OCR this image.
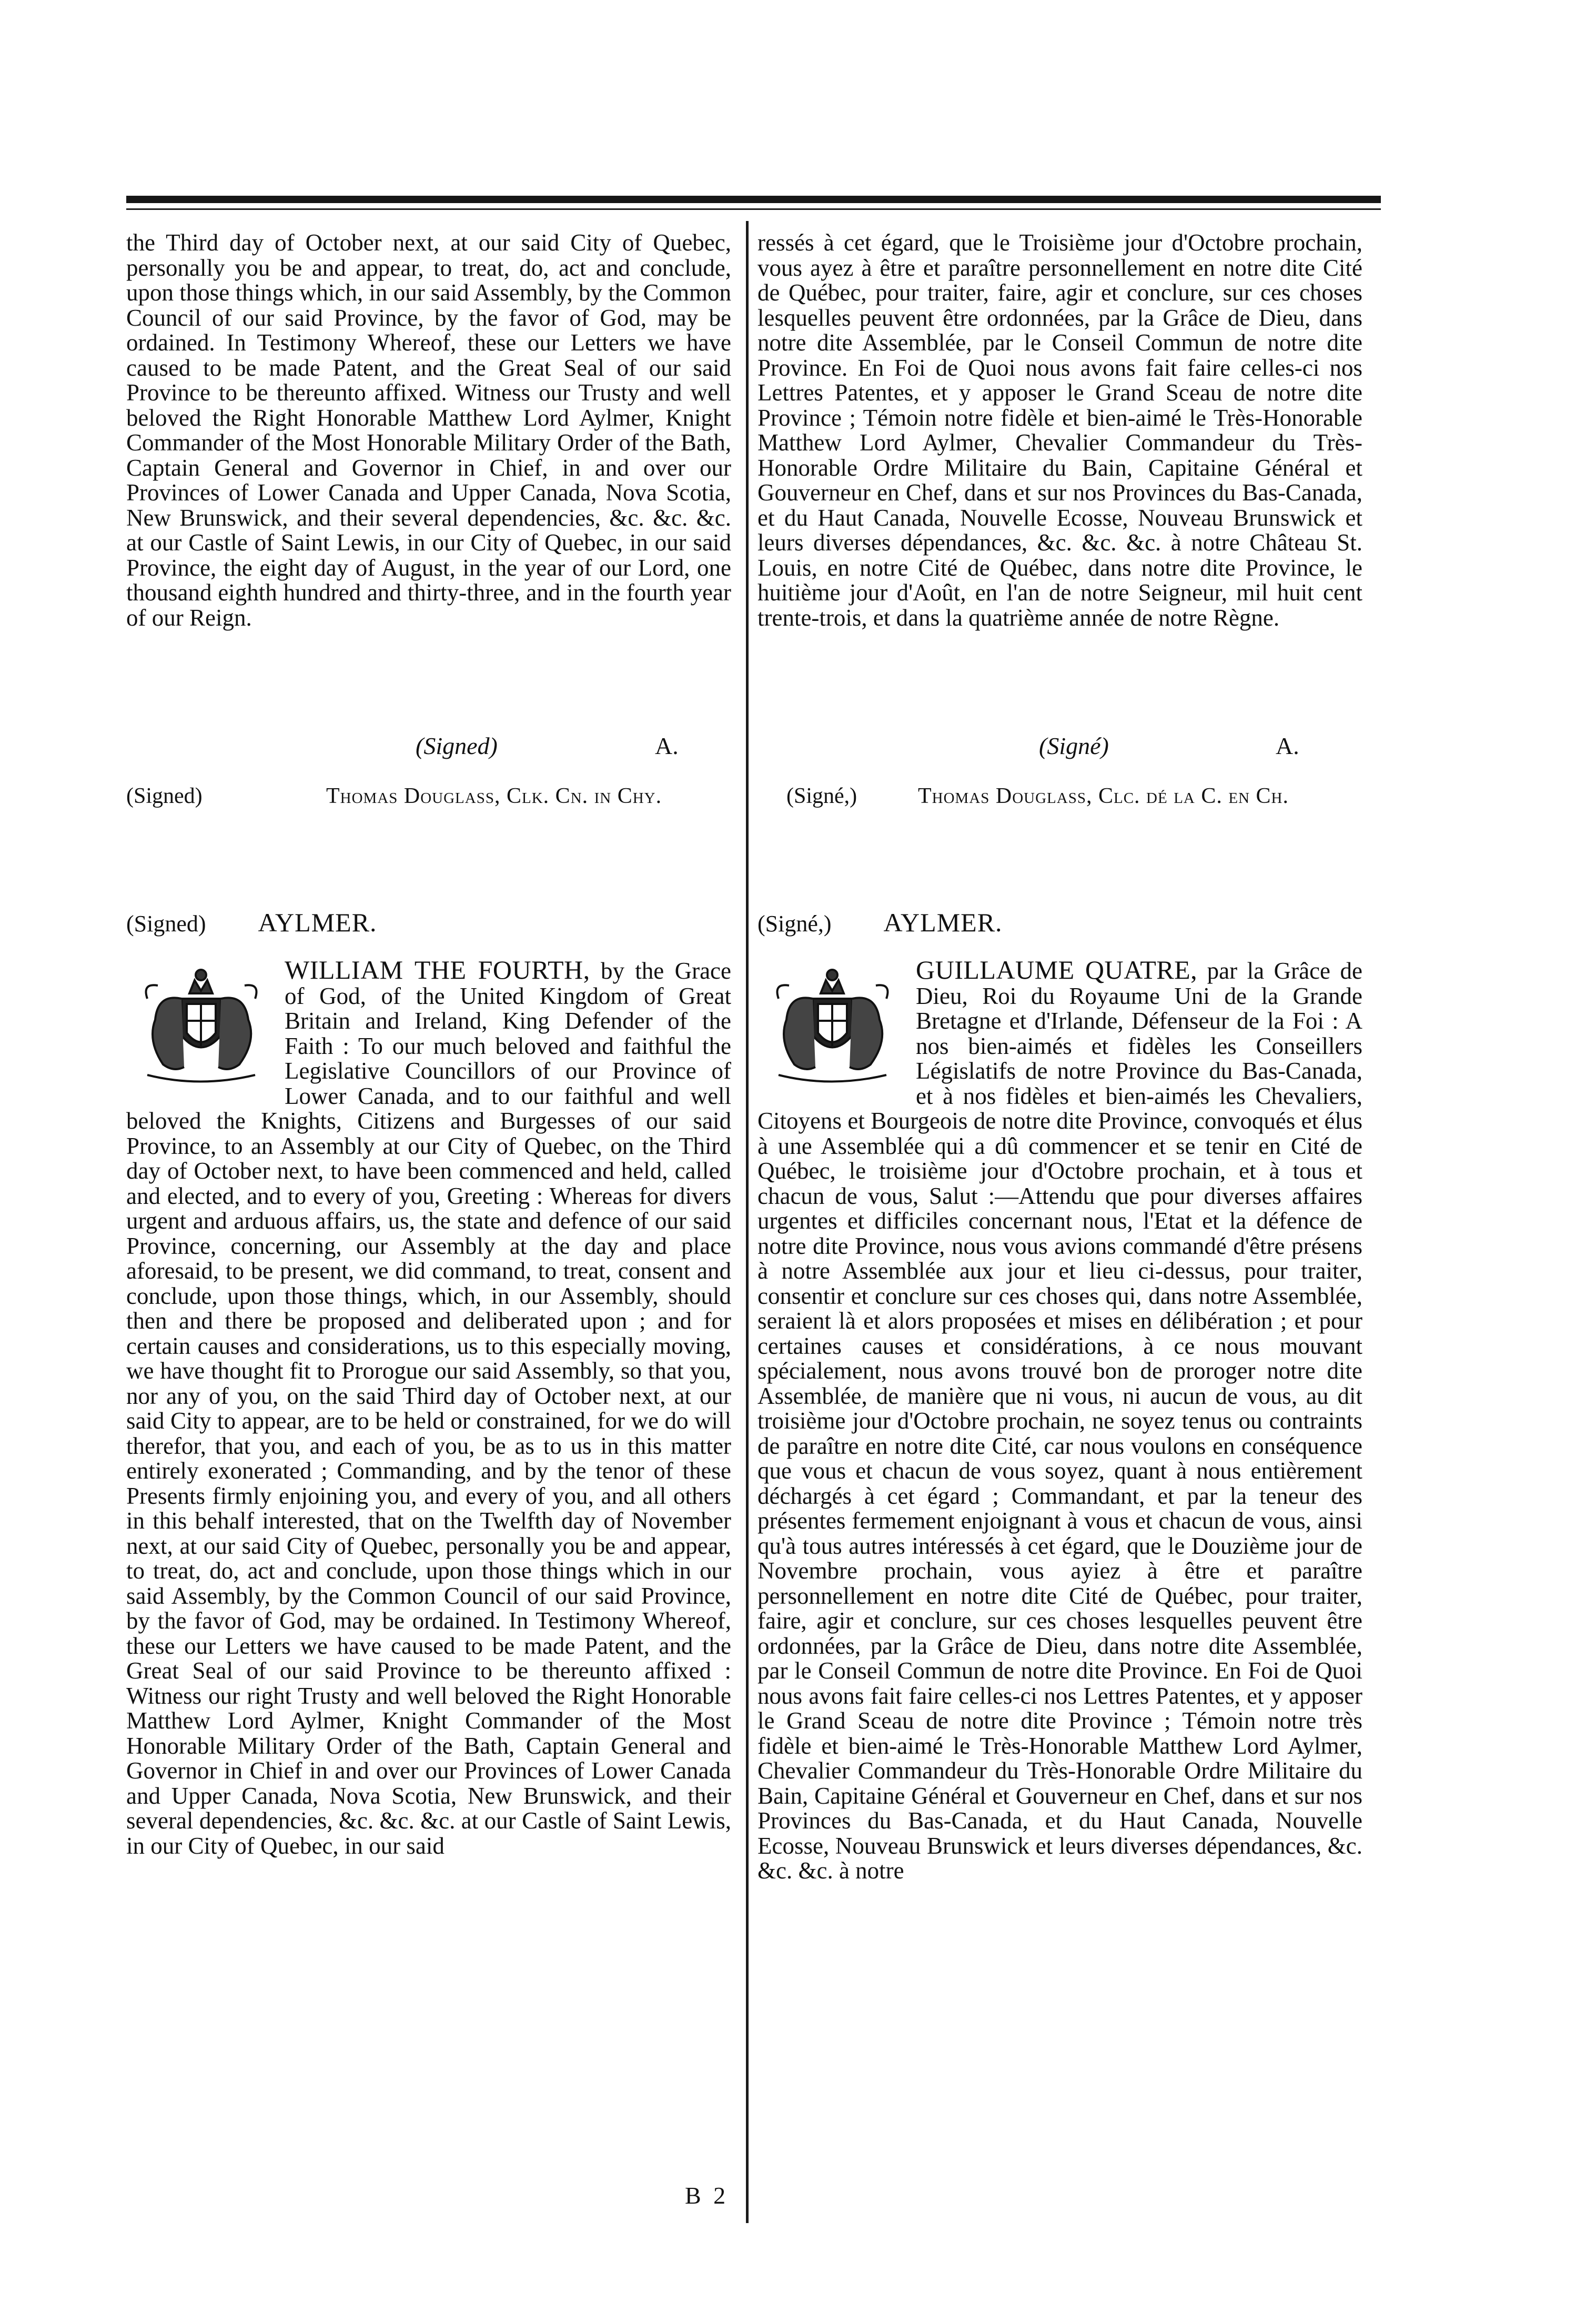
the Third day of October next, at our said City of Quebec, personally you be and appear, to treat, do, act and conclude, upon those things which, in our said Assembly, by the Common Council of our said Province, by the favor of God, may be ordained. In Testimony Whereof, these our Letters we have caused to be made Patent, and the Great Seal of our said Province to be thereunto affixed. Witness our Trusty and well beloved the Right Honorable Matthew Lord Aylmer, Knight Commander of the Most Honorable Military Order of the Bath, Captain General and Governor in Chief, in and over our Provinces of Lower Canada and Upper Canada, Nova Scotia, New Brunswick, and their several dependencies, &c. &c. &c. at our Castle of Saint Lewis, in our City of Quebec, in our said Province, the eight day of August, in the year of our Lord, one thousand eighth hundred and thirty-three, and in the fourth year of our Reign.

ressés à cet égard, que le Troisième jour d'Octobre prochain, vous ayez à être et paraître personnellement en notre dite Cité de Québec, pour traiter, faire, agir et conclure, sur ces choses lesquelles peuvent être ordonnées, par la Grâce de Dieu, dans notre dite Assemblée, par le Conseil Commun de notre dite Province. En Foi de Quoi nous avons fait faire celles-ci nos Lettres Patentes, et y apposer le Grand Sceau de notre dite Province ; Témoin notre fidèle et bien-aimé le Très-Honorable Matthew Lord Aylmer, Chevalier Commandeur du Très-Honorable Ordre Militaire du Bain, Capitaine Général et Gouverneur en Chef, dans et sur nos Provinces du Bas-Canada, et du Haut Canada, Nouvelle Ecosse, Nouveau Brunswick et leurs diverses dépendances, &c. &c. &c. à notre Château St. Louis, en notre Cité de Québec, dans notre dite Province, le huitième jour d'Août, en l'an de notre Seigneur, mil huit cent trente-trois, et dans la quatrième année de notre Règne.

(Signed)	A.	(Signé)	A.
(Signed)	Thomas Douglass, Clk. Cn. in Chy.	(Signé,)	Thomas Douglass, Clc. dé la C. en Ch.
(Signed) AYLMER.	(Signé,) AYLMER.

WILLIAM THE FOURTH, by the Grace of God, of the United Kingdom of Great Britain and Ireland, King Defender of the Faith : To our much beloved and faithful the Legislative Councillors of our Province of Lower Canada, and to our faithful and well beloved the Knights, Citizens and Burgesses of our said Province, to an Assembly at our City of Quebec, on the Third day of October next, to have been commenced and held, called and elected, and to every of you, Greeting : Whereas for divers urgent and arduous affairs, us, the state and defence of our said Province, concerning, our Assembly at the day and place aforesaid, to be present, we did command, to treat, consent and conclude, upon those things, which, in our Assembly, should then and there be proposed and deliberated upon ; and for certain causes and considerations, us to this especially moving, we have thought fit to Prorogue our said Assembly, so that you, nor any of you, on the said Third day of October next, at our said City to appear, are to be held or constrained, for we do will therefor, that you, and each of you, be as to us in this matter entirely exonerated ; Commanding, and by the tenor of these Presents firmly enjoining you, and every of you, and all others in this behalf interested, that on the Twelfth day of November next, at our said City of Quebec, personally you be and appear, to treat, do, act and conclude, upon those things which in our said Assembly, by the Common Council of our said Province, by the favor of God, may be ordained. In Testimony Whereof, these our Letters we have caused to be made Patent, and the Great Seal of our said Province to be thereunto affixed : Witness our right Trusty and well beloved the Right Honorable Matthew Lord Aylmer, Knight Commander of the Most Honorable Military Order of the Bath, Captain General and Governor in Chief in and over our Provinces of Lower Canada and Upper Canada, Nova Scotia, New Brunswick, and their several dependencies, &c. &c. &c. at our Castle of Saint Lewis, in our City of Quebec, in our said

GUILLAUME QUATRE, par la Grâce de Dieu, Roi du Royaume Uni de la Grande Bretagne et d'Irlande, Défenseur de la Foi : A nos bien-aimés et fidèles les Conseillers Législatifs de notre Province du Bas-Canada, et à nos fidèles et bien-aimés les Chevaliers, Citoyens et Bourgeois de notre dite Province, convoqués et élus à une Assemblée qui a dû commencer et se tenir en Cité de Québec, le troisième jour d'Octobre prochain, et à tous et chacun de vous, Salut :—Attendu que pour diverses affaires urgentes et difficiles concernant nous, l'Etat et la défence de notre dite Province, nous vous avions commandé d'être présens à notre Assemblée aux jour et lieu ci-dessus, pour traiter, consentir et conclure sur ces choses qui, dans notre Assemblée, seraient là et alors proposées et mises en délibération ; et pour certaines causes et considérations, à ce nous mouvant spécialement, nous avons trouvé bon de proroger notre dite Assemblée, de manière que ni vous, ni aucun de vous, au dit troisième jour d'Octobre prochain, ne soyez tenus ou contraints de paraître en notre dite Cité, car nous voulons en conséquence que vous et chacun de vous soyez, quant à nous entièrement déchargés à cet égard ; Commandant, et par la teneur des présentes fermement enjoignant à vous et chacun de vous, ainsi qu'à tous autres intéressés à cet égard, que le Douzième jour de Novembre prochain, vous ayiez à être et paraître personnellement en notre dite Cité de Québec, pour traiter, faire, agir et conclure, sur ces choses lesquelles peuvent être ordonnées, par la Grâce de Dieu, dans notre dite Assemblée, par le Conseil Commun de notre dite Province. En Foi de Quoi nous avons fait faire celles-ci nos Lettres Patentes, et y apposer le Grand Sceau de notre dite Province ; Témoin notre très fidèle et bien-aimé le Très-Honorable Matthew Lord Aylmer, Chevalier Commandeur du Très-Honorable Ordre Militaire du Bain, Capitaine Général et Gouverneur en Chef, dans et sur nos Provinces du Bas-Canada, et du Haut Canada, Nouvelle Ecosse, Nouveau Brunswick et leurs diverses dépendances, &c. &c. &c. à notre

B 2
